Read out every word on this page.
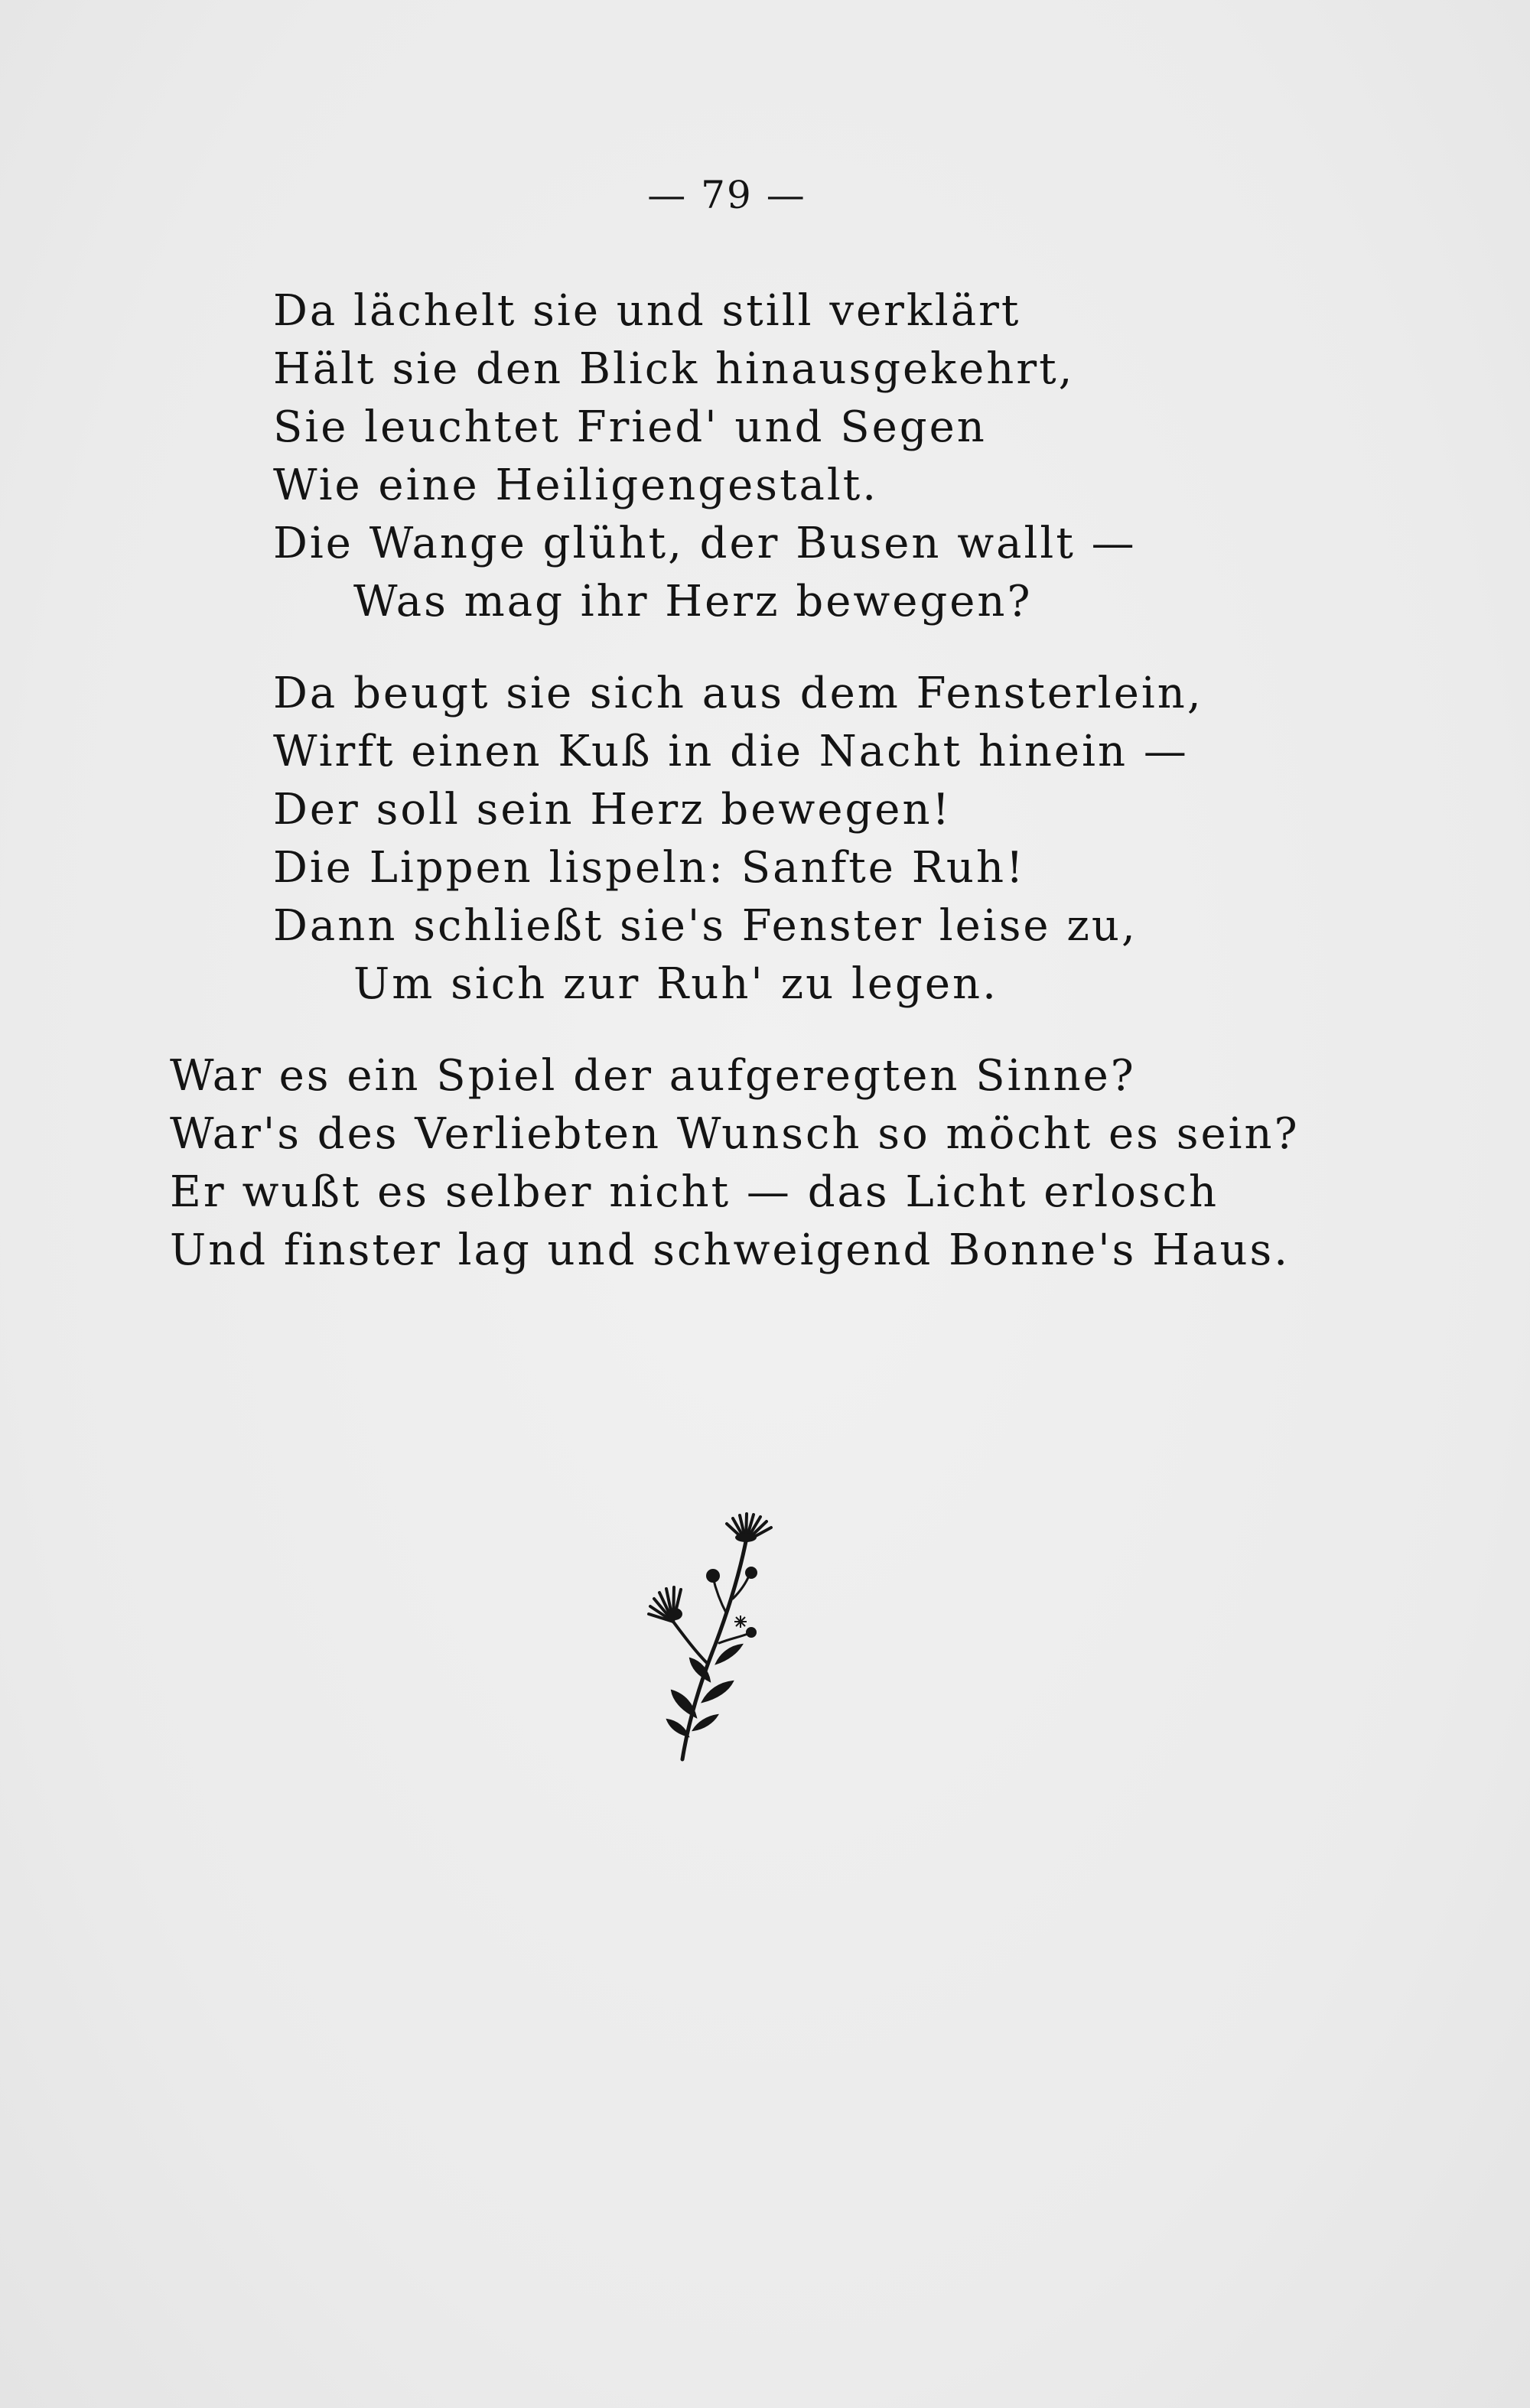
— 79 —
Da lächelt sie und still verklärt
Hält sie den Blick hinausgekehrt,
Sie leuchtet Fried' und Segen
Wie eine Heiligengestalt.
Die Wange glüht, der Busen wallt —
Was mag ihr Herz bewegen?
Da beugt sie sich aus dem Fensterlein,
Wirft einen Kuß in die Nacht hinein —
Der soll sein Herz bewegen!
Die Lippen lispeln: Sanfte Ruh!
Dann schließt sie's Fenster leise zu,
Um sich zur Ruh' zu legen.
War es ein Spiel der aufgeregten Sinne?
War's des Verliebten Wunsch so möcht es sein?
Er wußt es selber nicht — das Licht erlosch
Und finster lag und schweigend Bonne's Haus.
